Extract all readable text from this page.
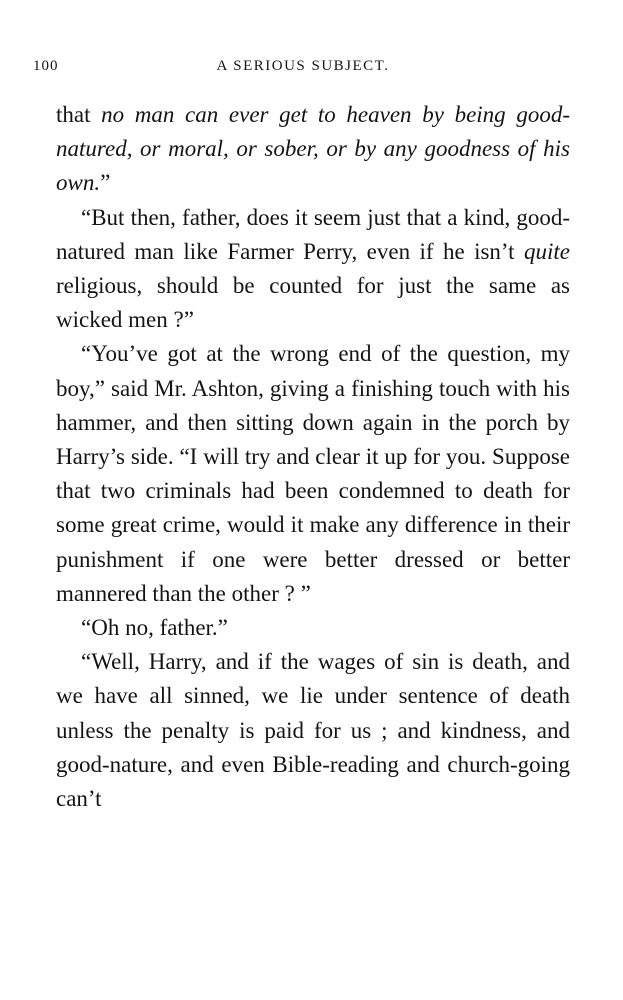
100	A SERIOUS SUBJECT.

that no man can ever get to heaven by being good-natured, or moral, or sober, or by any goodness of his own.”

“But then, father, does it seem just that a kind, good-natured man like Farmer Perry, even if he isn’t quite religious, should be counted for just the same as wicked men ?”

“You’ve got at the wrong end of the question, my boy,” said Mr. Ashton, giving a finishing touch with his hammer, and then sitting down again in the porch by Harry’s side. “I will try and clear it up for you. Suppose that two criminals had been condemned to death for some great crime, would it make any difference in their punishment if one were better dressed or better mannered than the other ? ”

“Oh no, father.”

“Well, Harry, and if the wages of sin is death, and we have all sinned, we lie under sentence of death unless the penalty is paid for us ; and kindness, and good-nature, and even Bible-reading and church-going can’t
